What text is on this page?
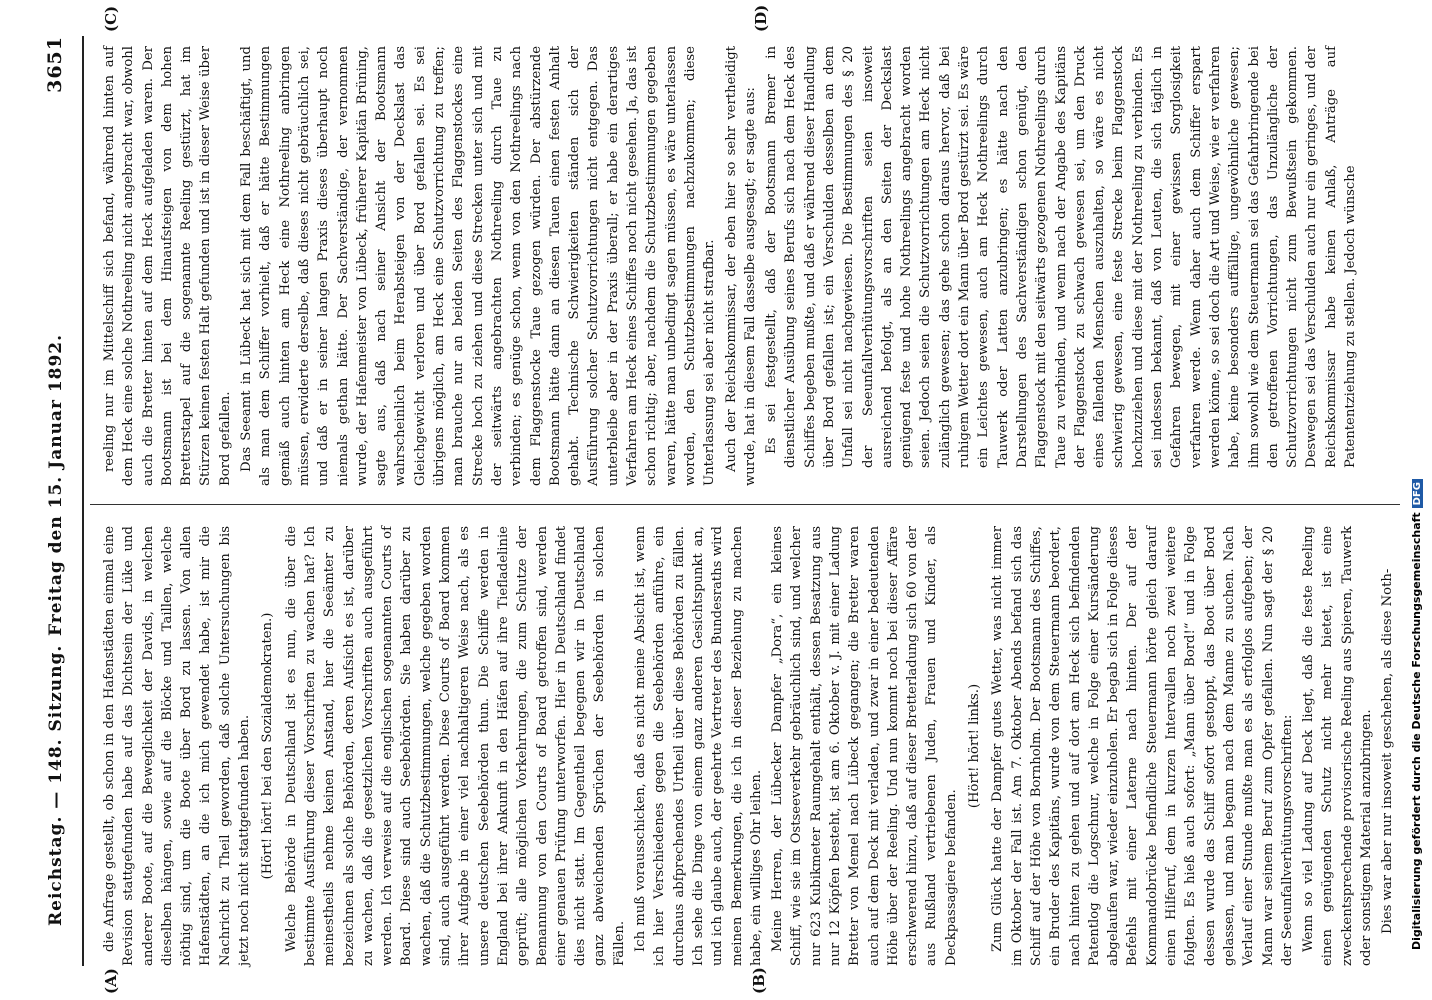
Reichstag. — 148. Sitzung.
Freitag den 15. Januar 1892.
3651

die Anfrage gestellt, ob schon in den Hafenstädten einmal eine Revision stattgefunden habe auf das Dichtsein der Lüke und anderer Boote, auf die Beweglichkeit der Davids, in welchen dieselben hängen, sowie auf die Blöcke und Taillen, welche nöthig sind, um die Boote über Bord zu lassen. Von allen Hafenstädten, an die ich mich gewendet habe, ist mir die Nachricht zu Theil geworden, daß solche Untersuchungen bis jetzt noch nicht stattgefunden haben. (Hört! hört! bei den Sozialdemokraten.) Welche Behörde in Deutschland ist es nun, die über die bestimmte Ausführung dieser Vorschriften zu wachen hat? Ich meinestheils nehme keinen Anstand, hier die Seeämter zu bezeichnen als solche Behörden, deren Aufsicht es ist, darüber zu wachen, daß die gesetzlichen Vorschriften auch ausgeführt werden. Ich verweise auf die englischen sogenannten Courts of Board. Diese sind auch Seebehörden. Sie haben darüber zu wachen, daß die Schutzbestimmungen, welche gegeben worden sind, auch ausgeführt werden. Diese Courts of Board kommen ihrer Aufgabe in einer viel nachhaltigeren Weise nach, als es unsere deutschen Seebehörden thun. Die Schiffe werden in England bei ihrer Ankunft in den Häfen auf ihre Tiefladelinie geprüft; alle möglichen Vorkehrungen, die zum Schutze der Bemannung von den Courts of Board getroffen sind, werden einer genauen Prüfung unterworfen. Hier in Deutschland findet dies nicht statt. Im Gegentheil begegnen wir in Deutschland ganz abweichenden Sprüchen der Seebehörden in solchen Fällen. Ich muß vorausschicken, daß es nicht meine Absicht ist, wenn ich hier Verschiedenes gegen die Seebehörden anführe, ein durchaus abfprechendes Urtheil über diese Behörden zu fällen. Ich sehe die Dinge von einem ganz anderen Gesichtspunkt an, und ich glaube auch, der geehrte Vertreter des Bundesraths wird meinen Bemerkungen, die ich in dieser Beziehung zu machen habe, ein williges Ohr leihen. Meine Herren, der Lübecker Dampfer „Dora“, ein kleines Schiff, wie sie im Ostseeverkehr gebräuchlich sind, und welcher nur 623 Kubikmeter Raumgehalt enthält, dessen Besatzung aus nur 12 Köpfen besteht, ist am 6. Oktober v. J. mit einer Ladung Bretter von Memel nach Lübeck gegangen; die Bretter waren auch auf dem Deck mit verladen, und zwar in einer bedeutenden Höhe über der Reeling. Und nun kommt noch bei dieser Affäre erschwerend hinzu, daß auf dieser Bretterladung sich 60 von der aus Rußland vertriebenen Juden, Frauen und Kinder, als Deckpassagiere befanden.

(Hört! hört! links.) Zum Glück hatte der Dampfer gutes Wetter, was nicht immer im Oktober der Fall ist. Am 7. Oktober Abends befand sich das Schiff auf der Höhe von Bornholm. Der Bootsmann des Schiffes, ein Bruder des Kapitäns, wurde von dem Steuermann beordert, nach hinten zu gehen und auf dort am Heck sich befindenden Patentlog die Logschnur, welche in Folge einer Kursänderung abgelaufen war, wieder einzuholen. Er begab sich in Folge dieses Befehls mit einer Laterne nach hinten. Der auf der Kommandobrücke befindliche Steuermann hörte gleich darauf einen Hilferuf, dem in kurzen Intervallen noch zwei weitere folgten. Es hieß auch sofort: „Mann über Bord!“ und in Folge dessen wurde das Schiff sofort gestoppt, das Boot über Bord gelassen, und man begann nach dem Manne zu suchen. Nach Verlauf einer Stunde mußte man es als erfolglos aufgeben; der Mann war seinem Beruf zum Opfer gefallen. Nun sagt der § 20 der Seeunfallverhütungsvorschriften: Wenn so viel Ladung auf Deck liegt, daß die feste Reeling einen genügenden Schutz nicht mehr bietet, ist eine zweckentsprechende provisorische Reeling aus Spieren, Tauwerk oder sonstigem Material anzubringen. Dies war aber nur insoweit geschehen, als diese Noth-

reeling nur im Mittelschiff sich befand, während hinten auf dem Heck eine solche Nothreeling nicht angebracht war, obwohl auch die Bretter hinten auf dem Heck aufgeladen waren. Der Bootsmann ist bei dem Hinaufsteigen von dem hohen Bretterstapel auf die sogenannte Reeling gestürzt, hat im Stürzen keinen festen Halt gefunden und ist in dieser Weise über Bord gefallen. Das Seeamt in Lübeck hat sich mit dem Fall beschäftigt, und als man dem Schiffer vorhielt, daß er hätte Bestimmungen gemäß auch hinten am Heck eine Nothreeling anbringen müssen, erwiderte derselbe, daß dieses nicht gebräuchlich sei, und daß er in seiner langen Praxis dieses überhaupt noch niemals gethan hätte. Der Sachverständige, der vernommen wurde, der Hafenmeister von Lübeck, früherer Kapitän Brüning, sagte aus, daß nach seiner Ansicht der Bootsmann wahrscheinlich beim Herabsteigen von der Deckslast das Gleichgewicht verloren und über Bord gefallen sei. Es sei übrigens möglich, am Heck eine Schutzvorrichtung zu treffen; man brauche nur an beiden Seiten des Flaggenstockes eine Strecke hoch zu ziehen und diese Strecken unter sich und mit der seitwärts angebrachten Nothreeling durch Taue zu verbinden; es genüge schon, wenn von den Nothreelings nach dem Flaggenstocke Taue gezogen würden. Der abstürzende Bootsmann hätte dann an diesen Tauen einen festen Anhalt gehabt. Technische Schwierigkeiten ständen sich der Ausführung solcher Schutzvorrichtungen nicht entgegen. Das unterbleibe aber in der Praxis überall; er habe ein derartiges Verfahren am Heck eines Schiffes noch nicht gesehen. Ja, das ist schon richtig; aber, nachdem die Schutzbestimmungen gegeben waren, hätte man unbedingt sagen müssen, es wäre unterlassen worden, den Schutzbestimmungen nachzukommen; diese Unterlassung sei aber nicht strafbar. Auch der Reichskommissar, der eben hier so sehr vertheidigt wurde, hat in diesem Fall dasselbe ausgesagt; er sagte aus: Es sei festgestellt, daß der Bootsmann Bremer in dienstlicher Ausübung seines Berufs sich nach dem Heck des Schiffes begeben mußte, und daß er während dieser Handlung über Bord gefallen ist; ein Verschulden desselben an dem Unfall sei nicht nachgewiesen. Die Bestimmungen des § 20 der Seeunfallverhütungsvorschriften seien insoweit ausreichend befolgt, als an den Seiten der Deckslast genügend feste und hohe Nothreelings angebracht worden seien. Jedoch seien die Schutzvorrichtungen am Heck nicht zulänglich gewesen; das gehe schon daraus hervor, daß bei ruhigem Wetter dort ein Mann über Bord gestürzt sei. Es wäre ein Leichtes gewesen, auch am Heck Nothreelings durch Tauwerk oder Latten anzubringen; es hätte nach den Darstellungen des Sachverständigen schon genügt, den Flaggenstock mit den seitwärts gezogenen Nothreelings durch Taue zu verbinden, und wenn nach der Angabe des Kapitäns der Flaggenstock zu schwach gewesen sei, um den Druck eines fallenden Menschen auszuhalten, so wäre es nicht schwierig gewesen, eine feste Strecke beim Flaggenstock hochzuziehen und diese mit der Nothreeling zu verbinden. Es sei indessen bekannt, daß von Leuten, die sich täglich in Gefahren bewegen, mit einer gewissen Sorglosigkeit verfahren werde. Wenn daher auch dem Schiffer erspart werden könne, so sei doch die Art und Weise, wie er verfahren habe, keine besonders auffällige, ungewöhnliche gewesen; ihm sowohl wie dem Steuermann sei das Gefahrbringende bei den getroffenen Vorrichtungen, das Unzulängliche der Schutzvorrichtungen nicht zum Bewußtsein gekommen. Deswegen sei das Verschulden auch nur ein geringes, und der Reichskommissar habe keinen Anlaß, Anträge auf Patententziehung zu stellen. Jedoch wünsche

(A)	(B)
(C)	(D)
Digitalisierung gefördert durch die Deutsche ForschungsgemeinschaftDFG
